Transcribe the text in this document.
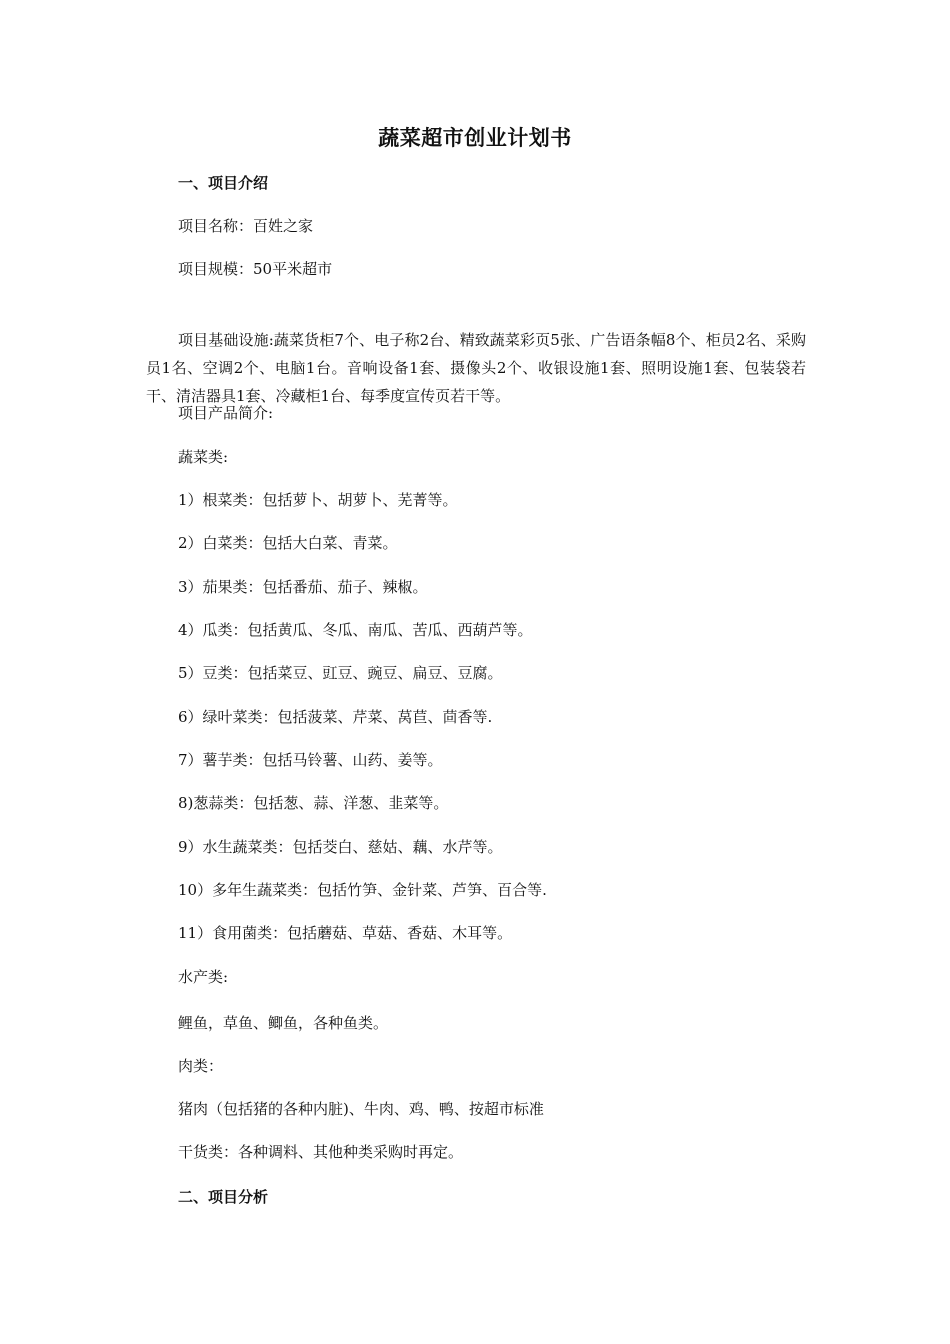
蔬菜超市创业计划书
一、项目介绍
项目名称：百姓之家
项目规模：50平米超市
项目基础设施:蔬菜货柜7个、电子称2台、精致蔬菜彩页5张、广告语条幅8个、柜员2名、采购员1名、空调2个、电脑1台。音响设备1套、摄像头2个、收银设施1套、照明设施1套、包装袋若干、清洁器具1套、冷藏柜1台、每季度宣传页若干等。
项目产品简介:
蔬菜类:
1）根菜类：包括萝卜、胡萝卜、芜菁等。
2）白菜类：包括大白菜、青菜。
3）茄果类：包括番茄、茄子、辣椒。
4）瓜类：包括黄瓜、冬瓜、南瓜、苦瓜、西葫芦等。
5）豆类：包括菜豆、豇豆、豌豆、扁豆、豆腐。
6）绿叶菜类：包括菠菜、芹菜、莴苣、茴香等.
7）薯芋类：包括马铃薯、山药、姜等。
8)葱蒜类：包括葱、蒜、洋葱、韭菜等。
9）水生蔬菜类：包括茭白、慈姑、藕、水芹等。
10）多年生蔬菜类：包括竹笋、金针菜、芦笋、百合等.
11）食用菌类：包括蘑菇、草菇、香菇、木耳等。
水产类:
鲤鱼，草鱼、鲫鱼，各种鱼类。
肉类：
猪肉（包括猪的各种内脏)、牛肉、鸡、鸭、按超市标准
干货类：各种调料、其他种类采购时再定。
二、项目分析
